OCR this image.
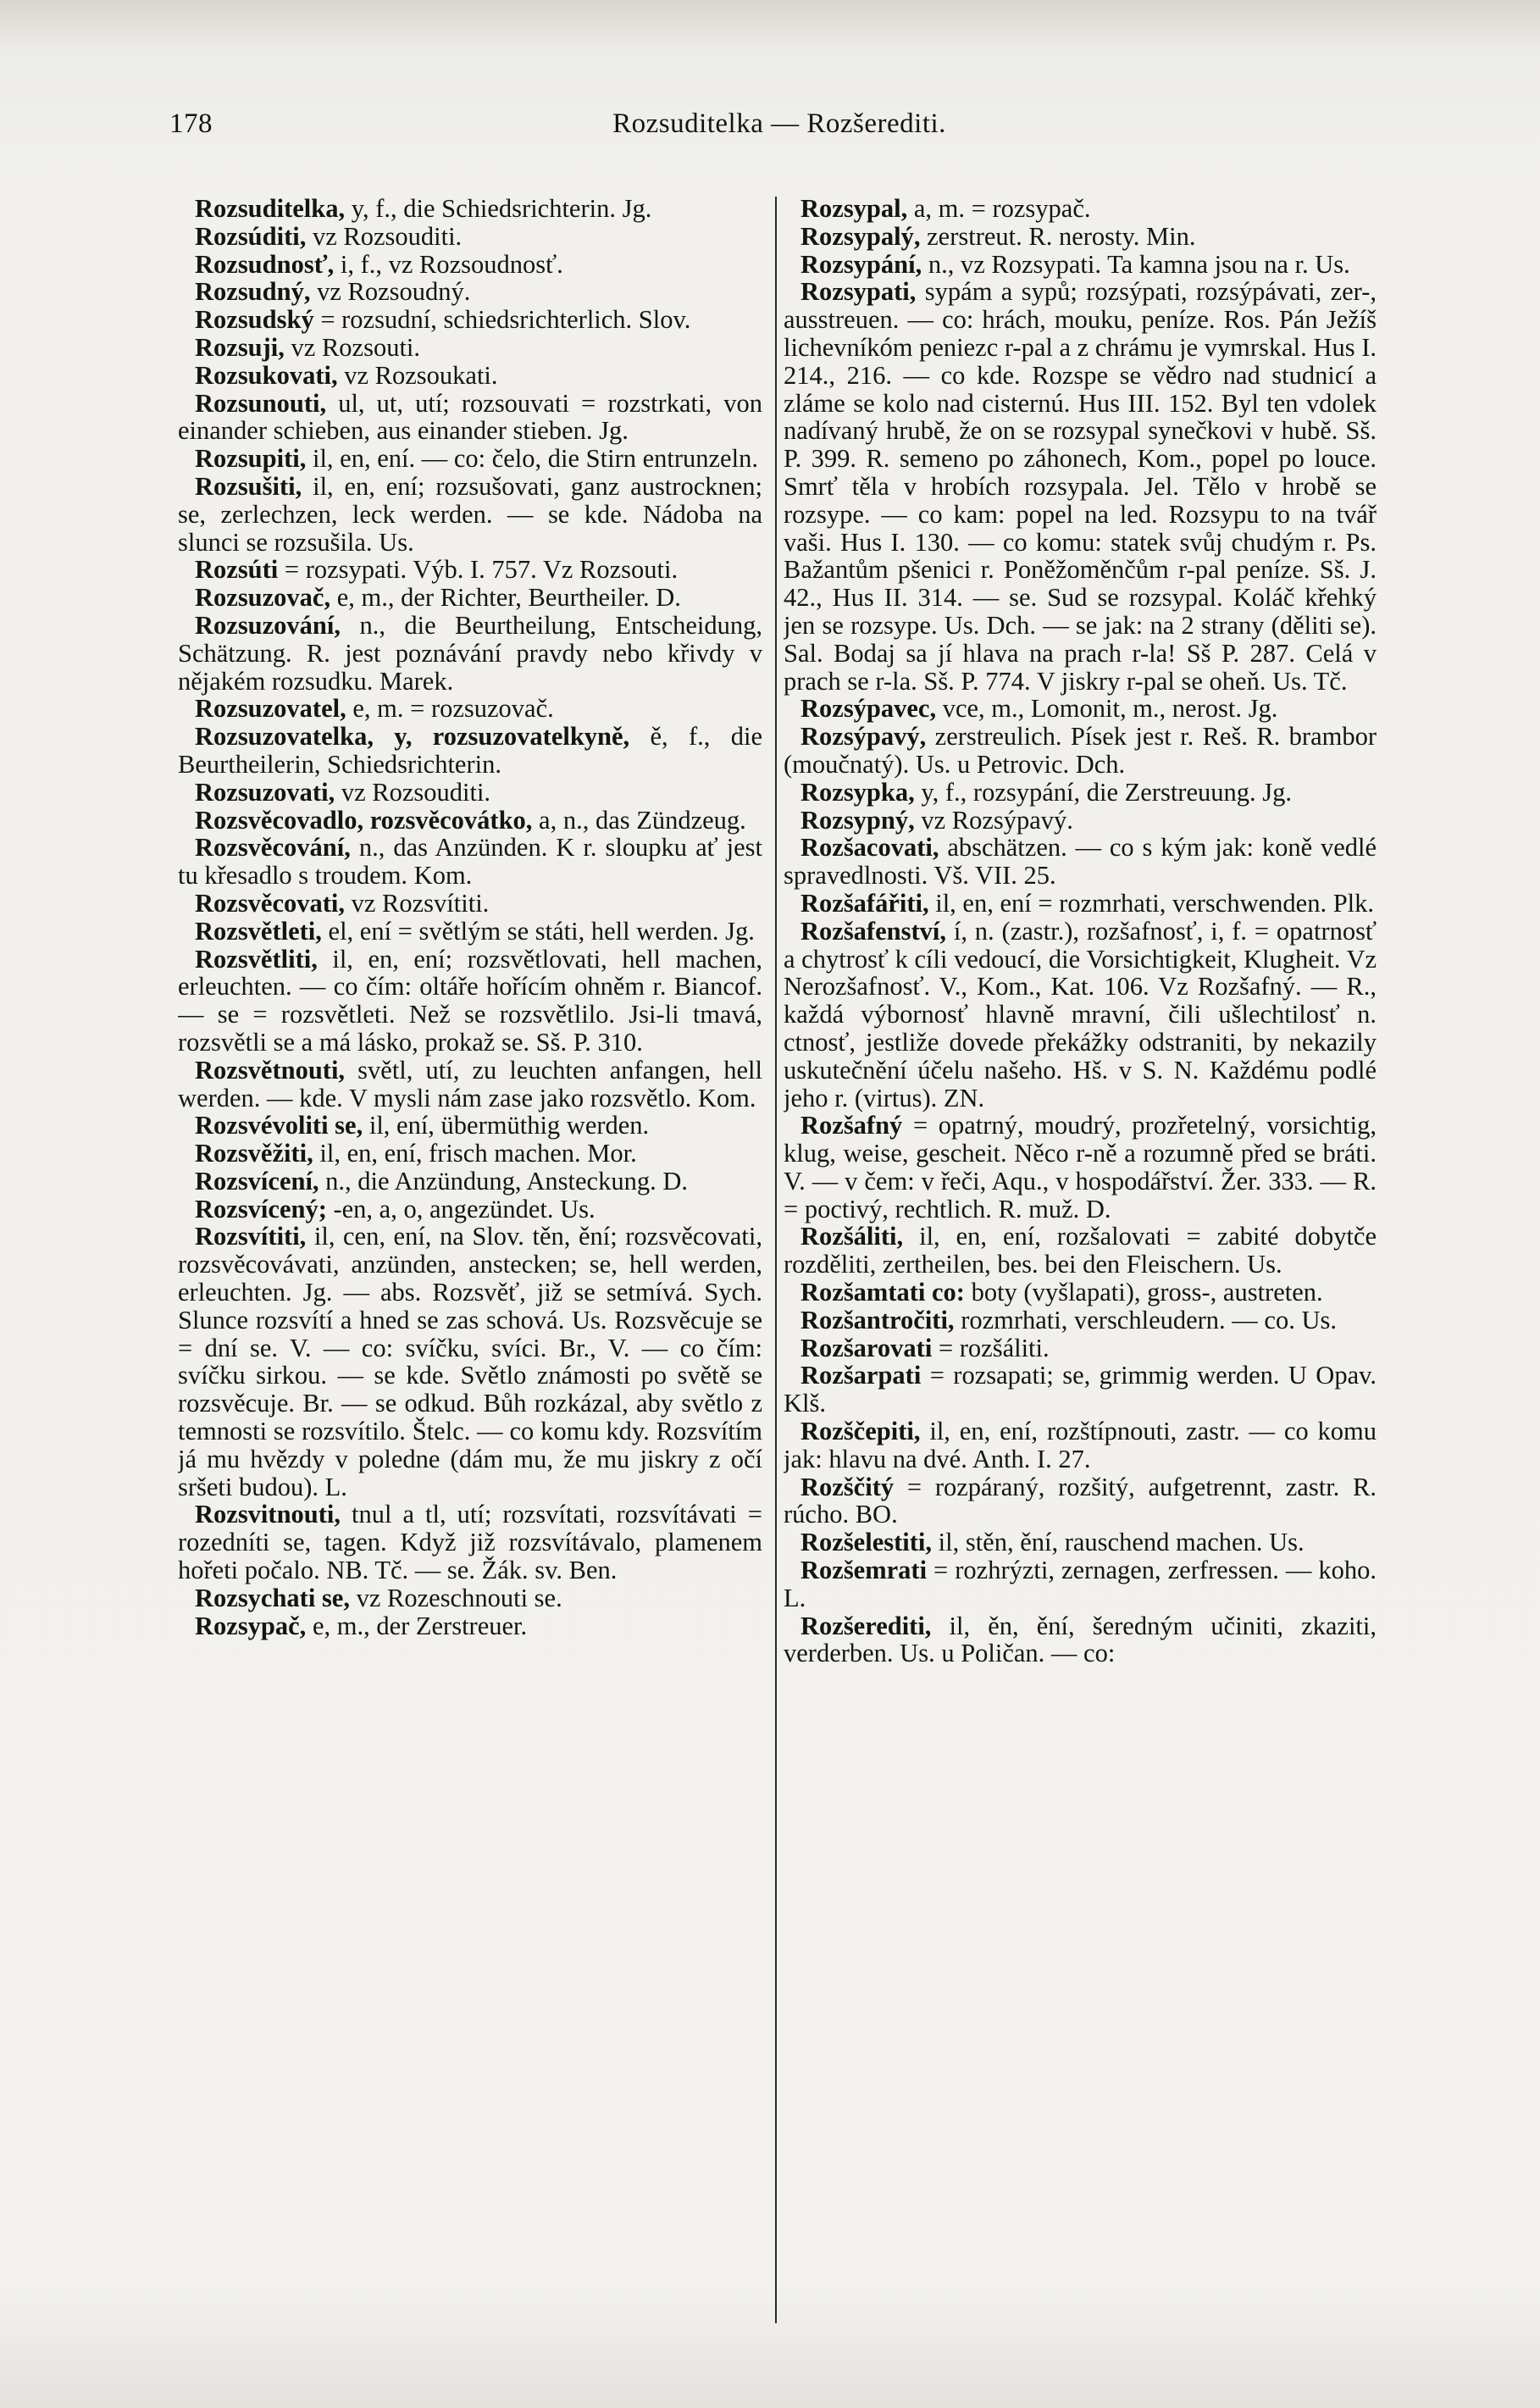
178	Rozsuditelka — Rozšerediti.

Rozsuditelka, y, f., die Schiedsrichterin. Jg.

Rozsúditi, vz Rozsouditi.

Rozsudnosť, i, f., vz Rozsoudnosť.

Rozsudný, vz Rozsoudný.

Rozsudský = rozsudní, schiedsrichterlich. Slov.

Rozsuji, vz Rozsouti.

Rozsukovati, vz Rozsoukati.

Rozsunouti, ul, ut, utí; rozsouvati = rozstrkati, von einander schieben, aus einander stieben. Jg.

Rozsupiti, il, en, ení. — co: čelo, die Stirn entrunzeln.

Rozsušiti, il, en, ení; rozsušovati, ganz austrocknen; se, zerlechzen, leck werden. — se kde. Nádoba na slunci se rozsušila. Us.

Rozsúti = rozsypati. Výb. I. 757. Vz Rozsouti.

Rozsuzovač, e, m., der Richter, Beurtheiler. D.

Rozsuzování, n., die Beurtheilung, Entscheidung, Schätzung. R. jest poznávání pravdy nebo křivdy v nějakém rozsudku. Marek.

Rozsuzovatel, e, m. = rozsuzovač.

Rozsuzovatelka, y, rozsuzovatelkyně, ě, f., die Beurtheilerin, Schiedsrichterin.

Rozsuzovati, vz Rozsouditi.

Rozsvěcovadlo, rozsvěcovátko, a, n., das Zündzeug.

Rozsvěcování, n., das Anzünden. K r. sloupku ať jest tu křesadlo s troudem. Kom.

Rozsvěcovati, vz Rozsvítiti.

Rozsvětleti, el, ení = světlým se státi, hell werden. Jg.

Rozsvětliti, il, en, ení; rozsvětlovati, hell machen, erleuchten. — co čím: oltáře hořícím ohněm r. Biancof. — se = rozsvětleti. Než se rozsvětlilo. Jsi-li tmavá, rozsvětli se a má lásko, prokaž se. Sš. P. 310.

Rozsvětnouti, světl, utí, zu leuchten anfangen, hell werden. — kde. V mysli nám zase jako rozsvětlo. Kom.

Rozsvévoliti se, il, ení, übermüthig werden.

Rozsvěžiti, il, en, ení, frisch machen. Mor.

Rozsvícení, n., die Anzündung, Ansteckung. D.

Rozsvícený; -en, a, o, angezündet. Us.

Rozsvítiti, il, cen, ení, na Slov. těn, ění; rozsvěcovati, rozsvěcovávati, anzünden, anstecken; se, hell werden, erleuchten. Jg. — abs. Rozsvěť, již se setmívá. Sych. Slunce rozsvítí a hned se zas schová. Us. Rozsvěcuje se = dní se. V. — co: svíčku, svíci. Br., V. — co čím: svíčku sirkou. — se kde. Světlo známosti po světě se rozsvěcuje. Br. — se odkud. Bůh rozkázal, aby světlo z temnosti se rozsvítilo. Štelc. — co komu kdy. Rozsvítím já mu hvězdy v poledne (dám mu, že mu jiskry z očí sršeti budou). L.

Rozsvitnouti, tnul a tl, utí; rozsvítati, rozsvítávati = rozedníti se, tagen. Když již rozsvítávalo, plamenem hořeti počalo. NB. Tč. — se. Žák. sv. Ben.

Rozsychati se, vz Rozeschnouti se.

Rozsypač, e, m., der Zerstreuer.

Rozsypal, a, m. = rozsypač.

Rozsypalý, zerstreut. R. nerosty. Min.

Rozsypání, n., vz Rozsypati. Ta kamna jsou na r. Us.

Rozsypati, sypám a sypů; rozsýpati, rozsýpávati, zer-, ausstreuen. — co: hrách, mouku, peníze. Ros. Pán Ježíš lichevníkóm peniezc r-pal a z chrámu je vymrskal. Hus I. 214., 216. — co kde. Rozspe se vědro nad studnicí a zláme se kolo nad cisternú. Hus III. 152. Byl ten vdolek nadívaný hrubě, že on se rozsypal synečkovi v hubě. Sš. P. 399. R. semeno po záhonech, Kom., popel po louce. Smrť těla v hrobích rozsypala. Jel. Tělo v hrobě se rozsype. — co kam: popel na led. Rozsypu to na tvář vaši. Hus I. 130. — co komu: statek svůj chudým r. Ps. Bažantům pšenici r. Poněžoměnčům r-pal peníze. Sš. J. 42., Hus II. 314. — se. Sud se rozsypal. Koláč křehký jen se rozsype. Us. Dch. — se jak: na 2 strany (děliti se). Sal. Bodaj sa jí hlava na prach r-la! Sš P. 287. Celá v prach se r-la. Sš. P. 774. V jiskry r-pal se oheň. Us. Tč.

Rozsýpavec, vce, m., Lomonit, m., nerost. Jg.

Rozsýpavý, zerstreulich. Písek jest r. Reš. R. brambor (moučnatý). Us. u Petrovic. Dch.

Rozsypka, y, f., rozsypání, die Zerstreuung. Jg.

Rozsypný, vz Rozsýpavý.

Rozšacovati, abschätzen. — co s kým jak: koně vedlé spravedlnosti. Vš. VII. 25.

Rozšafářiti, il, en, ení = rozmrhati, verschwenden. Plk.

Rozšafenství, í, n. (zastr.), rozšafnosť, i, f. = opatrnosť a chytrosť k cíli vedoucí, die Vorsichtigkeit, Klugheit. Vz Nerozšafnosť. V., Kom., Kat. 106. Vz Rozšafný. — R., každá výbornosť hlavně mravní, čili ušlechtilosť n. ctnosť, jestliže dovede překážky odstraniti, by nekazily uskutečnění účelu našeho. Hš. v S. N. Každému podlé jeho r. (virtus). ZN.

Rozšafný = opatrný, moudrý, prozřetelný, vorsichtig, klug, weise, gescheit. Něco r-ně a rozumně před se bráti. V. — v čem: v řeči, Aqu., v hospodářství. Žer. 333. — R. = poctivý, rechtlich. R. muž. D.

Rozšáliti, il, en, ení, rozšalovati = zabité dobytče rozděliti, zertheilen, bes. bei den Fleischern. Us.

Rozšamtati co: boty (vyšlapati), gross-, austreten.

Rozšantročiti, rozmrhati, verschleudern. — co. Us.

Rozšarovati = rozšáliti.

Rozšarpati = rozsapati; se, grimmig werden. U Opav. Klš.

Rozščepiti, il, en, ení, rozštípnouti, zastr. — co komu jak: hlavu na dvé. Anth. I. 27.

Rozščitý = rozpáraný, rozšitý, aufgetrennt, zastr. R. rúcho. BO.

Rozšelestiti, il, stěn, ění, rauschend machen. Us.

Rozšemrati = rozhrýzti, zernagen, zerfressen. — koho. L.

Rozšerediti, il, ěn, ění, šeredným učiniti, zkaziti, verderben. Us. u Poličan. — co:
